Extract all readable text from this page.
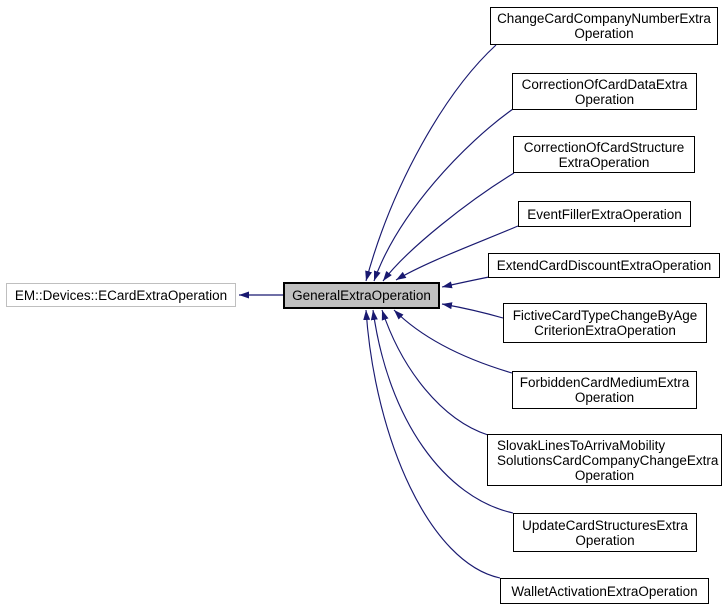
EM::Devices::ECardExtraOperation	GeneralExtraOperation
ChangeCardCompanyNumberExtra
Operation
CorrectionOfCardDataExtra
Operation
CorrectionOfCardStructure
ExtraOperation
EventFillerExtraOperation
ExtendCardDiscountExtraOperation
FictiveCardTypeChangeByAge
CriterionExtraOperation
ForbiddenCardMediumExtra
Operation
SlovakLinesToArrivaMobility
SolutionsCardCompanyChangeExtra
Operation
UpdateCardStructuresExtra
Operation
WalletActivationExtraOperation
